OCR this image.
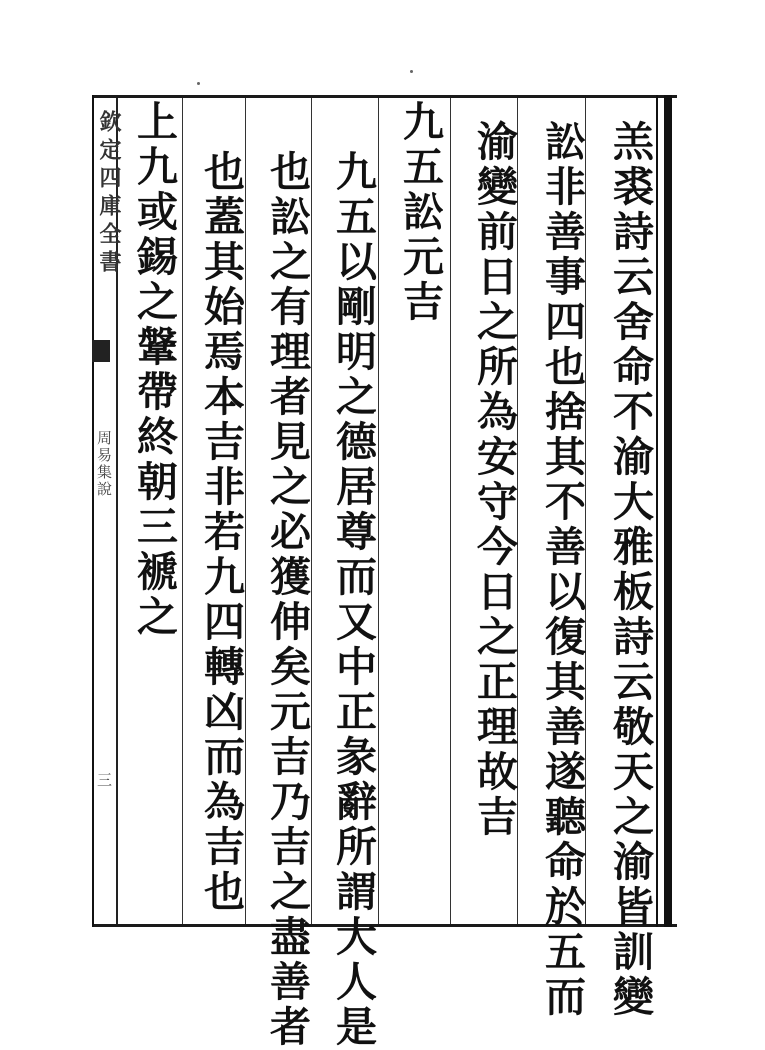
欽定四庫全書
周易集說
三	羔裘詩云舍命不渝大雅板詩云敬天之渝皆訓變
訟非善事四也捨其不善以復其善遂聽命於五而
渝變前日之所為安守今日之正理故吉
九五訟元吉
九五以剛明之德居尊而又中正彖辭所謂大人是
也訟之有理者見之必獲伸矣元吉乃吉之盡善者
也蓋其始焉本吉非若九四轉凶而為吉也
上九或錫之鞶帶終朝三褫之
